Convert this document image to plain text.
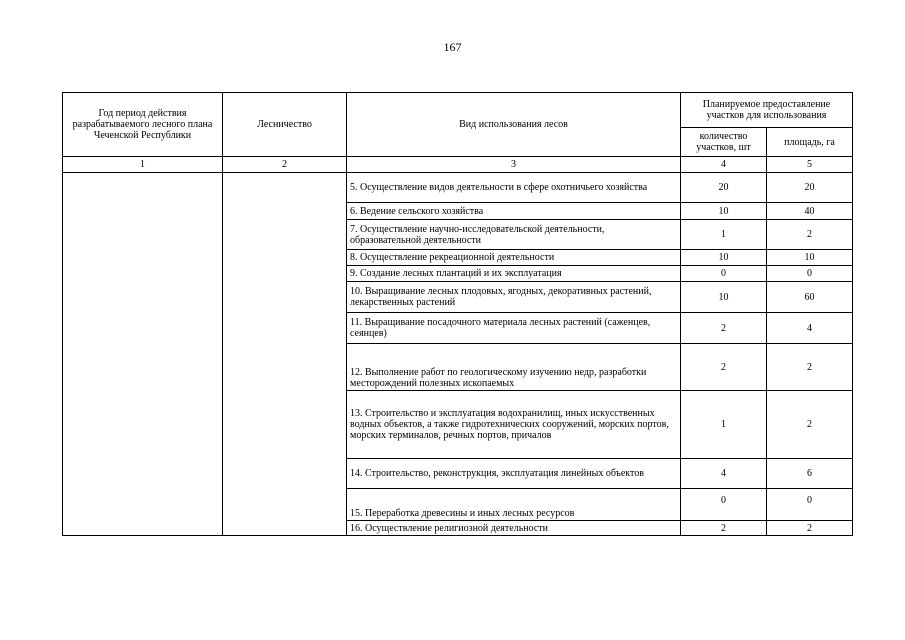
167
Год период действия разрабатываемого лесного плана Чеченской Республики	Лесничество	Вид использования лесов	Планируемое предоставление участков для использования	
			количество участков, шт	площадь, га
1	2	3	4	5
		5. Осуществление видов деятельности в сфере охотничьего хозяйства	20	20
		6. Ведение сельского хозяйства	10	40
		7. Осуществление научно-исследовательской деятельности, образовательной деятельности	1	2
		8. Осуществление рекреационной деятельности	10	10
		9. Создание лесных плантаций и их эксплуатация	0	0
		10. Выращивание лесных плодовых, ягодных, декоративных растений, лекарственных растений	10	60
		11. Выращивание посадочного материала лесных растений (саженцев, сеянцев)	2	4
		12. Выполнение работ по геологическому изучению недр, разработки месторождений полезных ископаемых	2	2
		13. Строительство и эксплуатация водохранилищ, иных искусственных водных объектов, а также гидротехнических сооружений, морских портов, морских терминалов, речных портов, причалов	1	2
		14. Строительство, реконструкция, эксплуатация линейных объектов	4	6
		15. Переработка древесины и иных лесных ресурсов	0	0
		16. Осуществление религиозной деятельности	2	2
